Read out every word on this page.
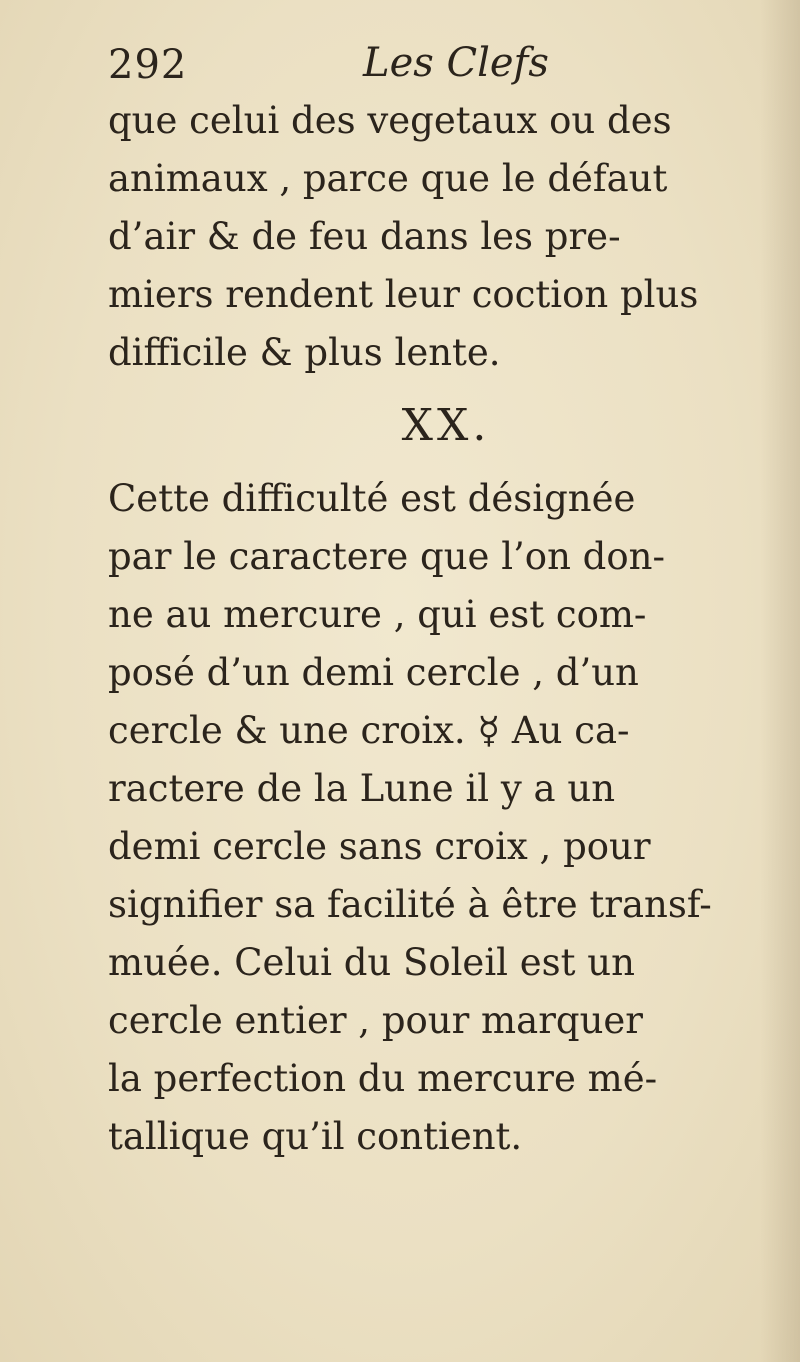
292	Les Clefs
que celui des vegetaux ou des
animaux , parce que le défaut
d’air & de feu dans les pre-
miers rendent leur coction plus
difficile & plus lente.
XX.
Cette difficulté est désignée
par le caractere que l’on don-
ne au mercure , qui est com-
posé d’un demi cercle , d’un
cercle & une croix. ☿ Au ca-
ractere de la Lune il y a un
demi cercle sans croix , pour
signifier sa facilité à être transf-
muée. Celui du Soleil est un
cercle entier , pour marquer
la perfection du mercure mé-
tallique qu’il contient.
